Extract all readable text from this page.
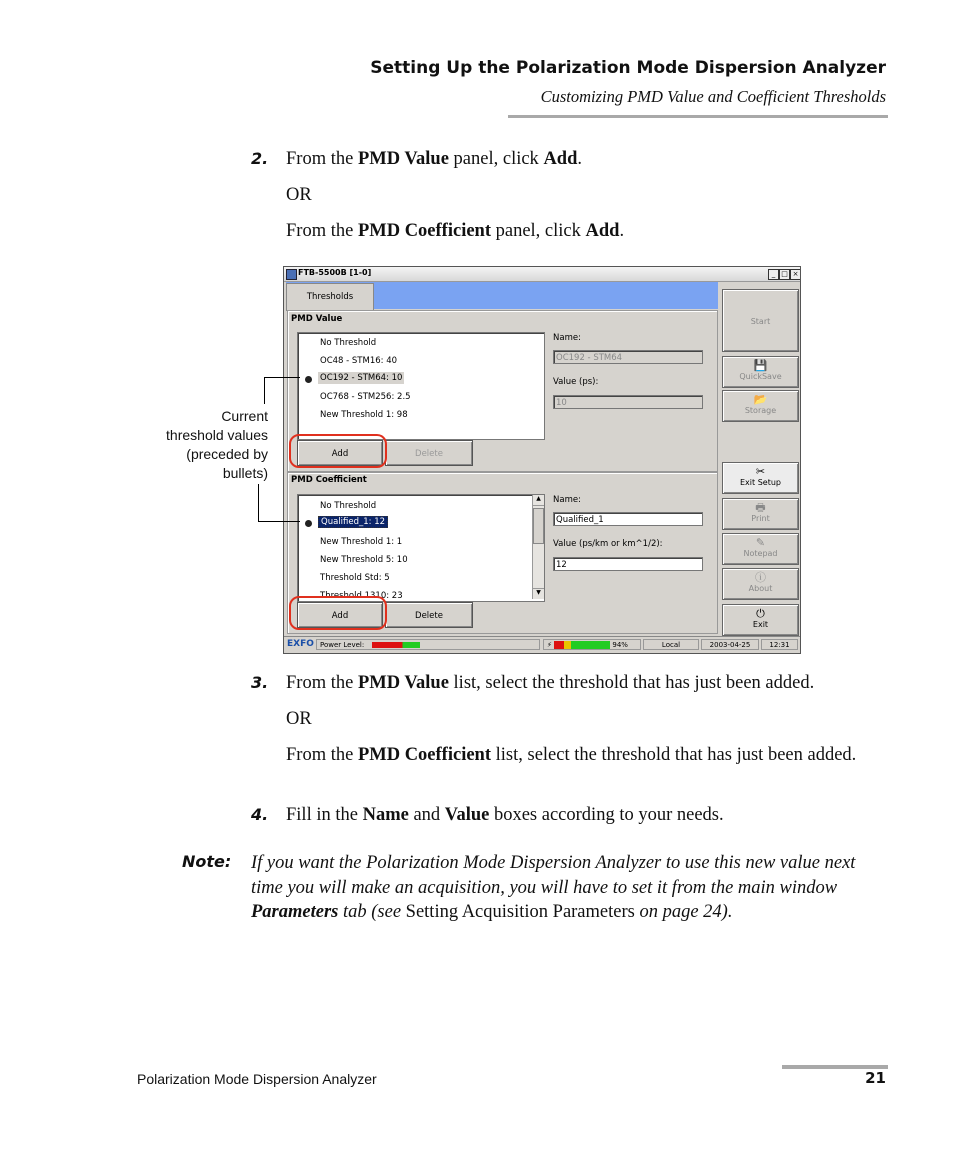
Setting Up the Polarization Mode Dispersion Analyzer
Customizing PMD Value and Coefficient Thresholds
2. From the PMD Value panel, click Add.
OR
From the PMD Coefficient panel, click Add.
FTB-5500B [1-0]	_ □ ×
Thresholds
PMD Value
No Threshold
OC48 - STM16: 40
OC192 - STM64: 10
OC768 - STM256: 2.5
New Threshold 1: 98
Name:
OC192 - STM64
Value (ps):
10
Add	Delete
PMD Coefficient
No Threshold
Qualified_1: 12
New Threshold 1: 1
New Threshold 5: 10
Threshold Std: 5
Threshold 1310: 23
▲
▼
Name:
Qualified_1
Value (ps/km or km^1/2):
12
Add	Delete
Start
💾
QuickSave
📂
Storage
✂
Exit Setup
🖶
Print
✎
Notepad
ⓘ
About
⏻
Exit
EXFO Power Level:	⚡	94%	Local	2003-04-25	12:31
Current
threshold values
(preceded by
bullets)
3. From the PMD Value list, select the threshold that has just been added.
OR
From the PMD Coefficient list, select the threshold that has just been added.
4. Fill in the Name and Value boxes according to your needs.
Note: If you want the Polarization Mode Dispersion Analyzer to use this new value next time you will make an acquisition, you will have to set it from the main window Parameters tab (see Setting Acquisition Parameters on page 24).
Polarization Mode Dispersion Analyzer	21
